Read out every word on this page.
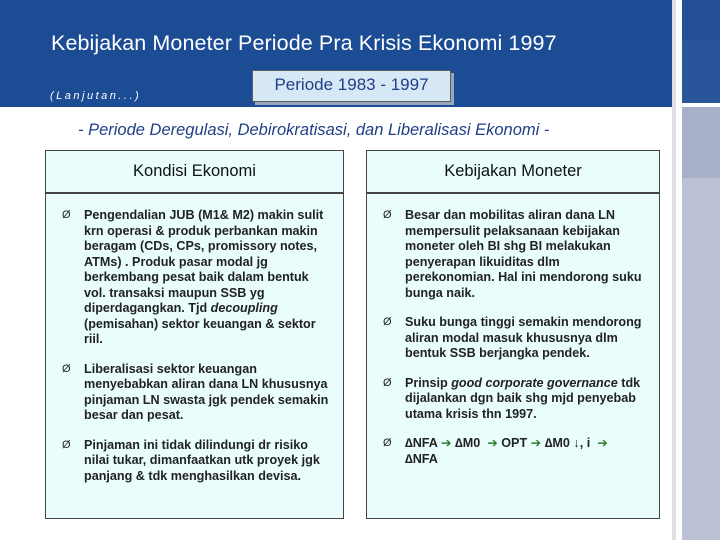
Kebijakan Moneter Periode Pra Krisis Ekonomi 1997
(Lanjutan...)
Periode 1983 - 1997
- Periode Deregulasi, Debirokratisasi, dan Liberalisasi Ekonomi -
Kondisi Ekonomi	Kebijakan Moneter
Ø	Pengendalian JUB (M1& M2) makin sulit krn operasi & produk perbankan makin beragam (CDs, CPs, promissory notes, ATMs) . Produk pasar modal jg berkembang pesat baik dalam bentuk vol. transaksi maupun SSB yg diperdagangkan. Tjd decoupling (pemisahan) sektor keuangan & sektor riil.
Ø	Liberalisasi sektor keuangan menyebabkan aliran dana LN khususnya pinjaman LN swasta jgk pendek semakin besar dan pesat.
Ø	Pinjaman ini tidak dilindungi dr risiko nilai tukar, dimanfaatkan utk proyek jgk panjang & tdk menghasilkan devisa.
Ø	Besar dan mobilitas aliran dana LN mempersulit pelaksanaan kebijakan moneter oleh BI shg BI melakukan penyerapan likuiditas dlm perekonomian. Hal ini mendorong suku bunga naik.
Ø	Suku bunga tinggi semakin mendorong aliran modal masuk khususnya dlm bentuk SSB berjangka pendek.
Ø	Prinsip good corporate governance tdk dijalankan dgn baik shg mjd penyebab utama krisis thn 1997.
Ø	∆NFA ➔ ∆M0 ➔ OPT ➔ ∆M0 ↓, i ➔
∆NFA
